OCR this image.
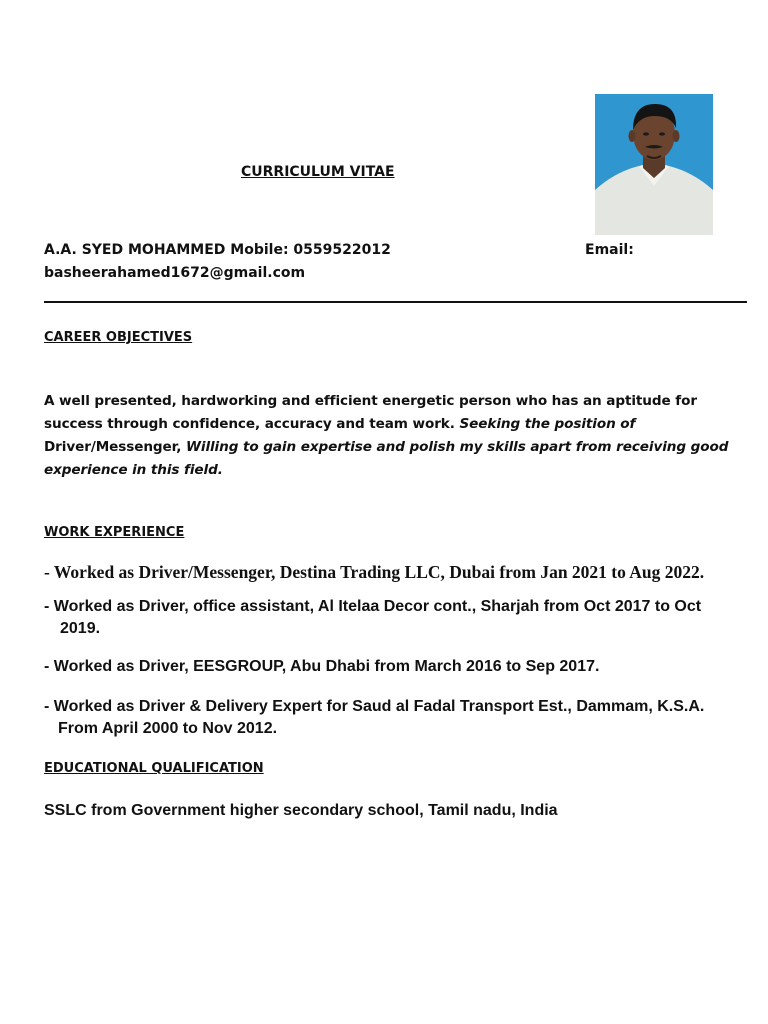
CURRICULUM VITAE
A.A. SYED MOHAMMED Mobile: 0559522012	Email:
basheerahamed1672@gmail.com
CAREER OBJECTIVES
A well presented, hardworking and efficient energetic person who has an aptitude for success through confidence, accuracy and team work. Seeking the position of Driver/Messenger, Willing to gain expertise and polish my skills apart from receiving good experience in this field.
WORK EXPERIENCE
- Worked as Driver/Messenger, Destina Trading LLC, Dubai from Jan 2021 to Aug 2022.
- Worked as Driver, office assistant, Al Itelaa Decor cont., Sharjah from Oct 2017 to Oct
2019.
- Worked as Driver, EESGROUP, Abu Dhabi from March 2016 to Sep 2017.
- Worked as Driver & Delivery Expert for Saud al Fadal Transport Est., Dammam, K.S.A.
From April 2000 to Nov 2012.
EDUCATIONAL QUALIFICATION
SSLC from Government higher secondary school, Tamil nadu, India
